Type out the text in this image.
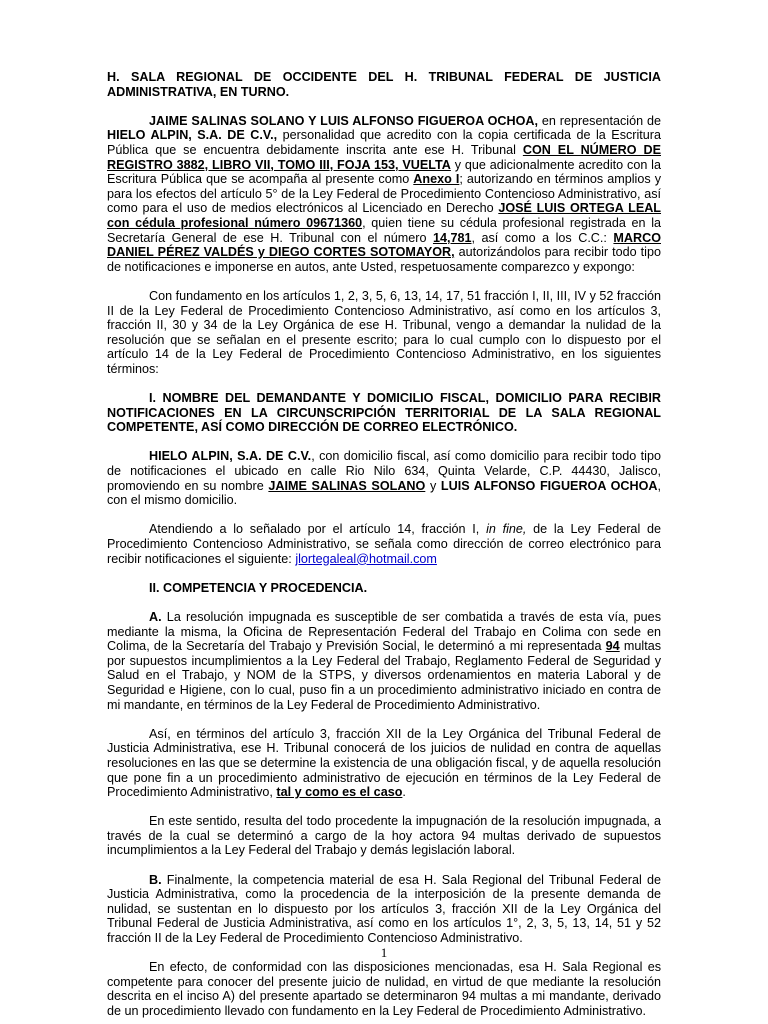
H. SALA REGIONAL DE OCCIDENTE DEL H. TRIBUNAL FEDERAL DE JUSTICIA ADMINISTRATIVA, EN TURNO.

JAIME SALINAS SOLANO Y LUIS ALFONSO FIGUEROA OCHOA, en representación de HIELO ALPIN, S.A. DE C.V., personalidad que acredito con la copia certificada de la Escritura Pública que se encuentra debidamente inscrita ante ese H. Tribunal CON EL NÚMERO DE REGISTRO 3882, LIBRO VII, TOMO III, FOJA 153, VUELTA y que adicionalmente acredito con la Escritura Pública que se acompaña al presente como Anexo I; autorizando en términos amplios y para los efectos del artículo 5° de la Ley Federal de Procedimiento Contencioso Administrativo, así como para el uso de medios electrónicos al Licenciado en Derecho JOSÉ LUIS ORTEGA LEAL con cédula profesional número 09671360, quien tiene su cédula profesional registrada en la Secretaría General de ese H. Tribunal con el número 14,781, así como a los C.C.: MARCO DANIEL PÉREZ VALDÉS y DIEGO CORTES SOTOMAYOR, autorizándolos para recibir todo tipo de notificaciones e imponerse en autos, ante Usted, respetuosamente comparezco y expongo:

Con fundamento en los artículos 1, 2, 3, 5, 6, 13, 14, 17, 51 fracción I, II, III, IV y 52 fracción II de la Ley Federal de Procedimiento Contencioso Administrativo, así como en los artículos 3, fracción II, 30 y 34 de la Ley Orgánica de ese H. Tribunal, vengo a demandar la nulidad de la resolución que se señalan en el presente escrito; para lo cual cumplo con lo dispuesto por el artículo 14 de la Ley Federal de Procedimiento Contencioso Administrativo, en los siguientes términos:

I. NOMBRE DEL DEMANDANTE Y DOMICILIO FISCAL, DOMICILIO PARA RECIBIR NOTIFICACIONES EN LA CIRCUNSCRIPCIÓN TERRITORIAL DE LA SALA REGIONAL COMPETENTE, ASÍ COMO DIRECCIÓN DE CORREO ELECTRÓNICO.

HIELO ALPIN, S.A. DE C.V., con domicilio fiscal, así como domicilio para recibir todo tipo de notificaciones el ubicado en calle Rio Nilo 634, Quinta Velarde, C.P. 44430, Jalisco, promoviendo en su nombre JAIME SALINAS SOLANO y LUIS ALFONSO FIGUEROA OCHOA, con el mismo domicilio.

Atendiendo a lo señalado por el artículo 14, fracción I, in fine, de la Ley Federal de Procedimiento Contencioso Administrativo, se señala como dirección de correo electrónico para recibir notificaciones el siguiente: jlortegaleal@hotmail.com

II. COMPETENCIA Y PROCEDENCIA.

A. La resolución impugnada es susceptible de ser combatida a través de esta vía, pues mediante la misma, la Oficina de Representación Federal del Trabajo en Colima con sede en Colima, de la Secretaría del Trabajo y Previsión Social, le determinó a mi representada 94 multas por supuestos incumplimientos a la Ley Federal del Trabajo, Reglamento Federal de Seguridad y Salud en el Trabajo, y NOM de la STPS, y diversos ordenamientos en materia Laboral y de Seguridad e Higiene, con lo cual, puso fin a un procedimiento administrativo iniciado en contra de mi mandante, en términos de la Ley Federal de Procedimiento Administrativo.

Así, en términos del artículo 3, fracción XII de la Ley Orgánica del Tribunal Federal de Justicia Administrativa, ese H. Tribunal conocerá de los juicios de nulidad en contra de aquellas resoluciones en las que se determine la existencia de una obligación fiscal, y de aquella resolución que pone fin a un procedimiento administrativo de ejecución en términos de la Ley Federal de Procedimiento Administrativo, tal y como es el caso.

En este sentido, resulta del todo procedente la impugnación de la resolución impugnada, a través de la cual se determinó a cargo de la hoy actora 94 multas derivado de supuestos incumplimientos a la Ley Federal del Trabajo y demás legislación laboral.

B. Finalmente, la competencia material de esa H. Sala Regional del Tribunal Federal de Justicia Administrativa, como la procedencia de la interposición de la presente demanda de nulidad, se sustentan en lo dispuesto por los artículos 3, fracción XII de la Ley Orgánica del Tribunal Federal de Justicia Administrativa, así como en los artículos 1°, 2, 3, 5, 13, 14, 51 y 52 fracción II de la Ley Federal de Procedimiento Contencioso Administrativo.

En efecto, de conformidad con las disposiciones mencionadas, esa H. Sala Regional es competente para conocer del presente juicio de nulidad, en virtud de que mediante la resolución descrita en el inciso A) del presente apartado se determinaron 94 multas a mi mandante, derivado de un procedimiento llevado con fundamento en la Ley Federal de Procedimiento Administrativo.

1
